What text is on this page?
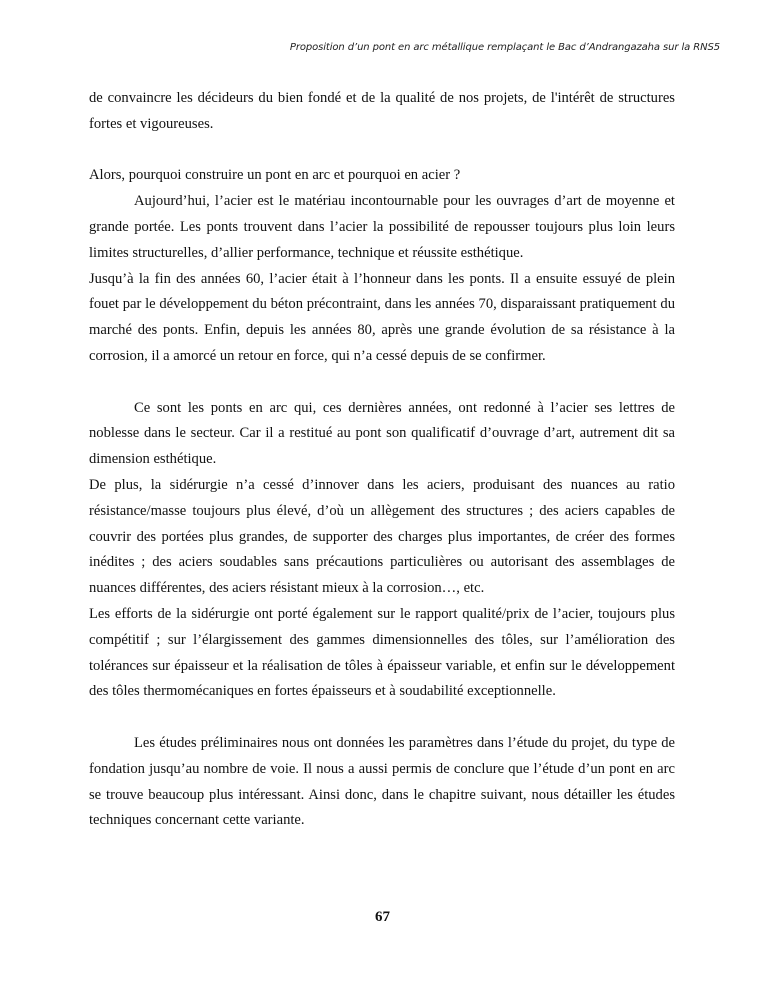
Proposition d’un pont en arc métallique remplaçant le Bac d’Andrangazaha sur la RNS5

de convaincre les décideurs du bien fondé et de la qualité de nos projets, de l'intérêt de structures fortes et vigoureuses.

Alors, pourquoi construire un pont en arc et pourquoi en acier ?

Aujourd’hui, l’acier est le matériau incontournable pour les ouvrages d’art de moyenne et grande portée. Les ponts trouvent dans l’acier la possibilité de repousser toujours plus loin leurs limites structurelles, d’allier performance, technique et réussite esthétique.

Jusqu’à la fin des années 60, l’acier était à l’honneur dans les ponts. Il a ensuite essuyé de plein fouet par le développement du béton précontraint, dans les années 70, disparaissant pratiquement du marché des ponts. Enfin, depuis les années 80, après une grande évolution de sa résistance à la corrosion, il a amorcé un retour en force, qui n’a cessé depuis de se confirmer.

Ce sont les ponts en arc qui, ces dernières années, ont redonné à l’acier ses lettres de noblesse dans le secteur. Car il a restitué au pont son qualificatif d’ouvrage d’art, autrement dit sa dimension esthétique.

De plus, la sidérurgie n’a cessé d’innover dans les aciers, produisant des nuances au ratio résistance/masse toujours plus élevé, d’où un allègement des structures ; des aciers capables de couvrir des portées plus grandes, de supporter des charges plus importantes, de créer des formes inédites ; des aciers soudables sans précautions particulières ou autorisant des assemblages de nuances différentes, des aciers résistant mieux à la corrosion…, etc.

Les efforts de la sidérurgie ont porté également sur le rapport qualité/prix de l’acier, toujours plus compétitif ; sur l’élargissement des gammes dimensionnelles des tôles, sur l’amélioration des tolérances sur épaisseur et la réalisation de tôles à épaisseur variable, et enfin sur le développement des tôles thermomécaniques en fortes épaisseurs et à soudabilité exceptionnelle.

Les études préliminaires nous ont données les paramètres dans l’étude du projet, du type de fondation jusqu’au nombre de voie. Il nous a aussi permis de conclure que l’étude d’un pont en arc se trouve beaucoup plus intéressant. Ainsi donc, dans le chapitre suivant, nous détailler les études techniques concernant cette variante.

67
